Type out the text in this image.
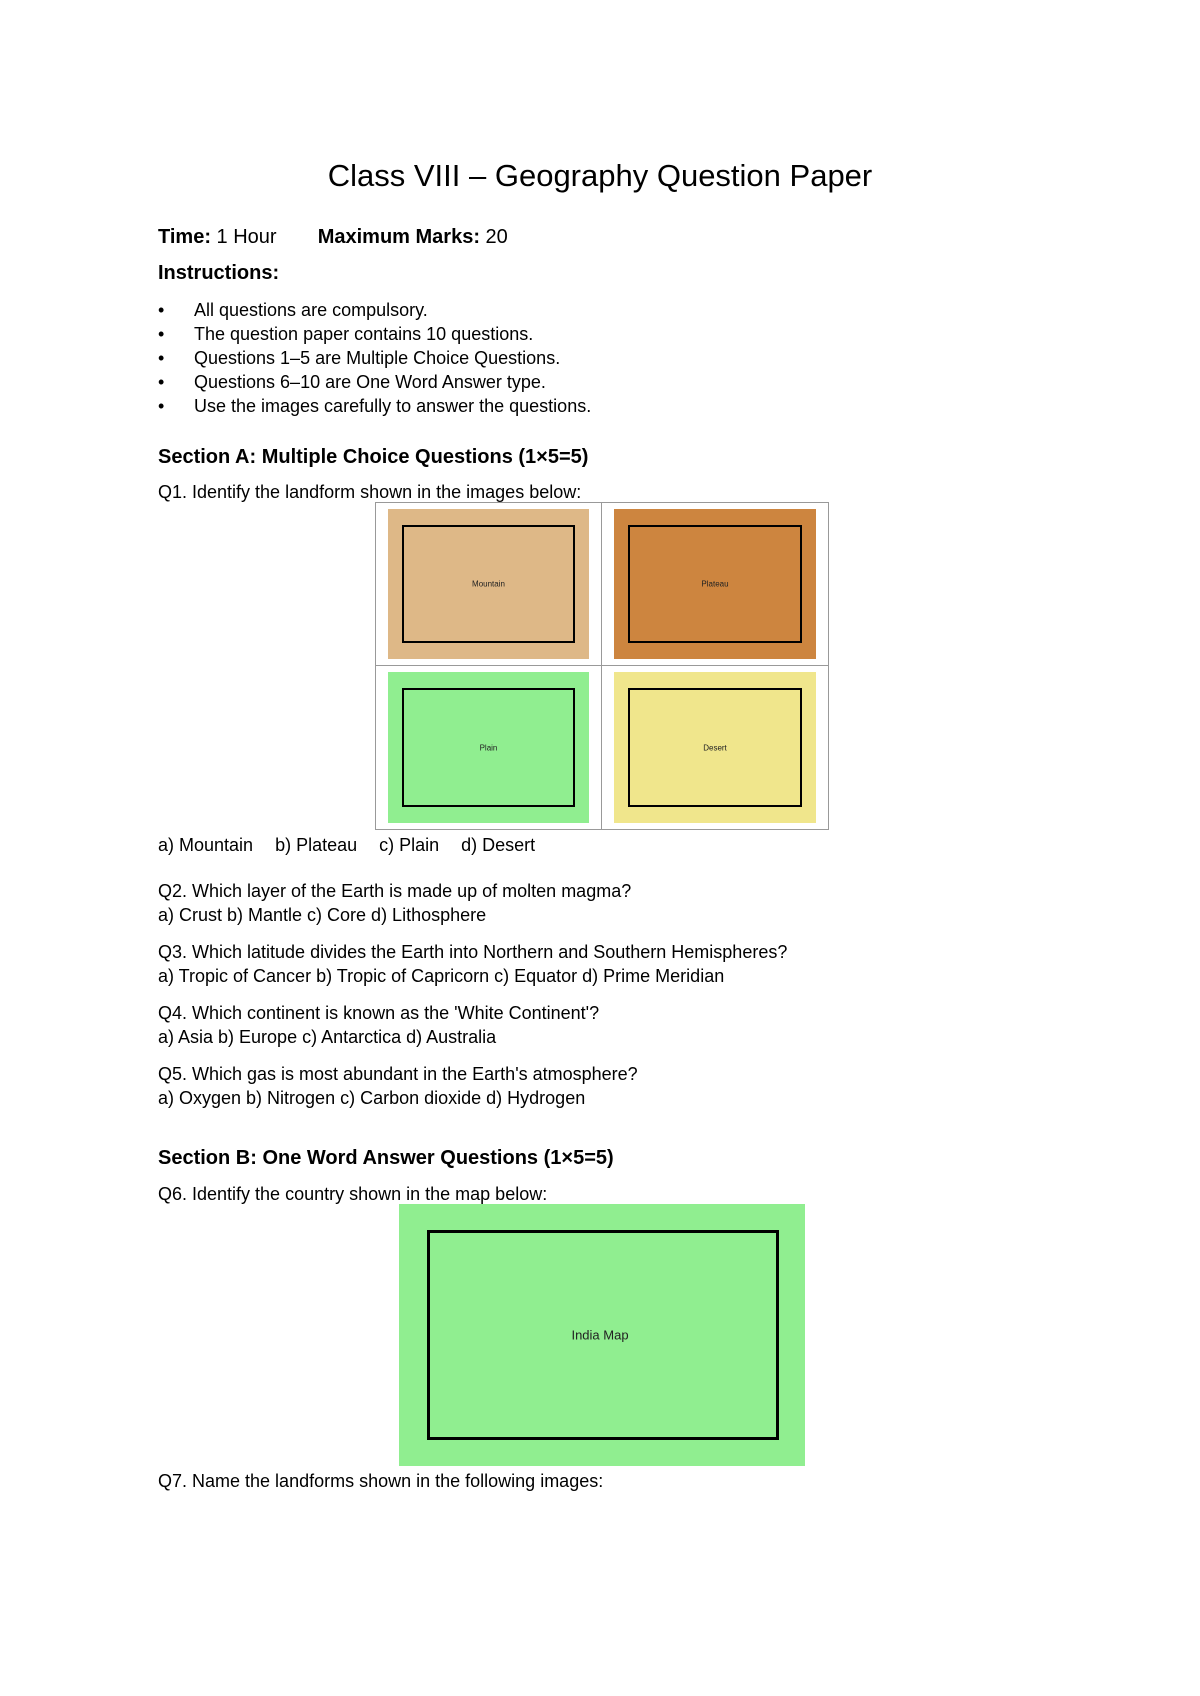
Class VIII – Geography Question Paper
Time: 1 Hour Maximum Marks: 20
Instructions:
• All questions are compulsory.
• The question paper contains 10 questions.
• Questions 1–5 are Multiple Choice Questions.
• Questions 6–10 are One Word Answer type.
• Use the images carefully to answer the questions.
Section A: Multiple Choice Questions (1×5=5)
Q1. Identify the landform shown in the images below:
Mountain	Plateau
Plain	Desert
a) Mountain b) Plateau c) Plain d) Desert
Q2. Which layer of the Earth is made up of molten magma?
a) Crust b) Mantle c) Core d) Lithosphere
Q3. Which latitude divides the Earth into Northern and Southern Hemispheres?
a) Tropic of Cancer b) Tropic of Capricorn c) Equator d) Prime Meridian
Q4. Which continent is known as the 'White Continent'?
a) Asia b) Europe c) Antarctica d) Australia
Q5. Which gas is most abundant in the Earth's atmosphere?
a) Oxygen b) Nitrogen c) Carbon dioxide d) Hydrogen
Section B: One Word Answer Questions (1×5=5)
Q6. Identify the country shown in the map below:
India Map
Q7. Name the landforms shown in the following images:
